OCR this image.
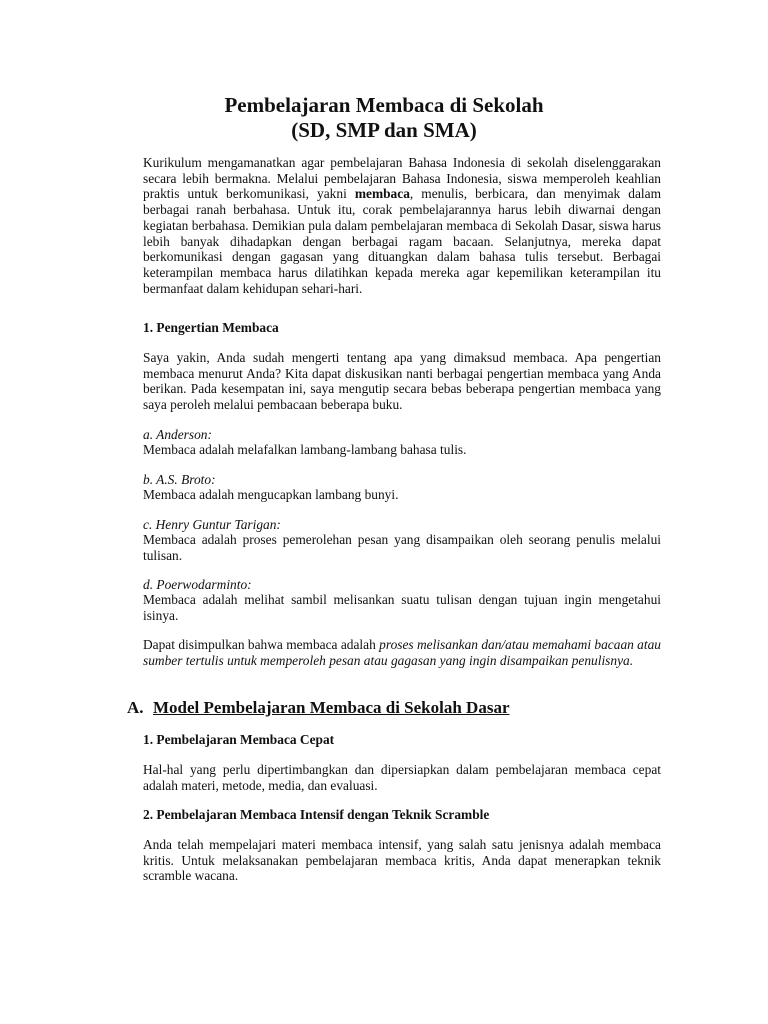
Pembelajaran Membaca di Sekolah
(SD, SMP dan SMA)

Kurikulum mengamanatkan agar pembelajaran Bahasa Indonesia di sekolah diselenggarakan secara lebih bermakna. Melalui pembelajaran Bahasa Indonesia, siswa memperoleh keahlian praktis untuk berkomunikasi, yakni membaca, menulis, berbicara, dan menyimak dalam berbagai ranah berbahasa. Untuk itu, corak pembelajarannya harus lebih diwarnai dengan kegiatan berbahasa. Demikian pula dalam pembelajaran membaca di Sekolah Dasar, siswa harus lebih banyak dihadapkan dengan berbagai ragam bacaan. Selanjutnya, mereka dapat berkomunikasi dengan gagasan yang dituangkan dalam bahasa tulis tersebut. Berbagai keterampilan membaca harus dilatihkan kepada mereka agar kepemilikan keterampilan itu bermanfaat dalam kehidupan sehari-hari.

1. Pengertian Membaca

Saya yakin, Anda sudah mengerti tentang apa yang dimaksud membaca. Apa pengertian membaca menurut Anda? Kita dapat diskusikan nanti berbagai pengertian membaca yang Anda berikan. Pada kesempatan ini, saya mengutip secara bebas beberapa pengertian membaca yang saya peroleh melalui pembacaan beberapa buku.

a. Anderson:

Membaca adalah melafalkan lambang-lambang bahasa tulis.

b. A.S. Broto:

Membaca adalah mengucapkan lambang bunyi.

c. Henry Guntur Tarigan:

Membaca adalah proses pemerolehan pesan yang disampaikan oleh seorang penulis melalui tulisan.

d. Poerwodarminto:

Membaca adalah melihat sambil melisankan suatu tulisan dengan tujuan ingin mengetahui isinya.

Dapat disimpulkan bahwa membaca adalah proses melisankan dan/atau memahami bacaan atau sumber tertulis untuk memperoleh pesan atau gagasan yang ingin disampaikan penulisnya.

A. Model Pembelajaran Membaca di Sekolah Dasar

1. Pembelajaran Membaca Cepat

Hal-hal yang perlu dipertimbangkan dan dipersiapkan dalam pembelajaran membaca cepat adalah materi, metode, media, dan evaluasi.

2. Pembelajaran Membaca Intensif dengan Teknik Scramble

Anda telah mempelajari materi membaca intensif, yang salah satu jenisnya adalah membaca kritis. Untuk melaksanakan pembelajaran membaca kritis, Anda dapat menerapkan teknik scramble wacana.
